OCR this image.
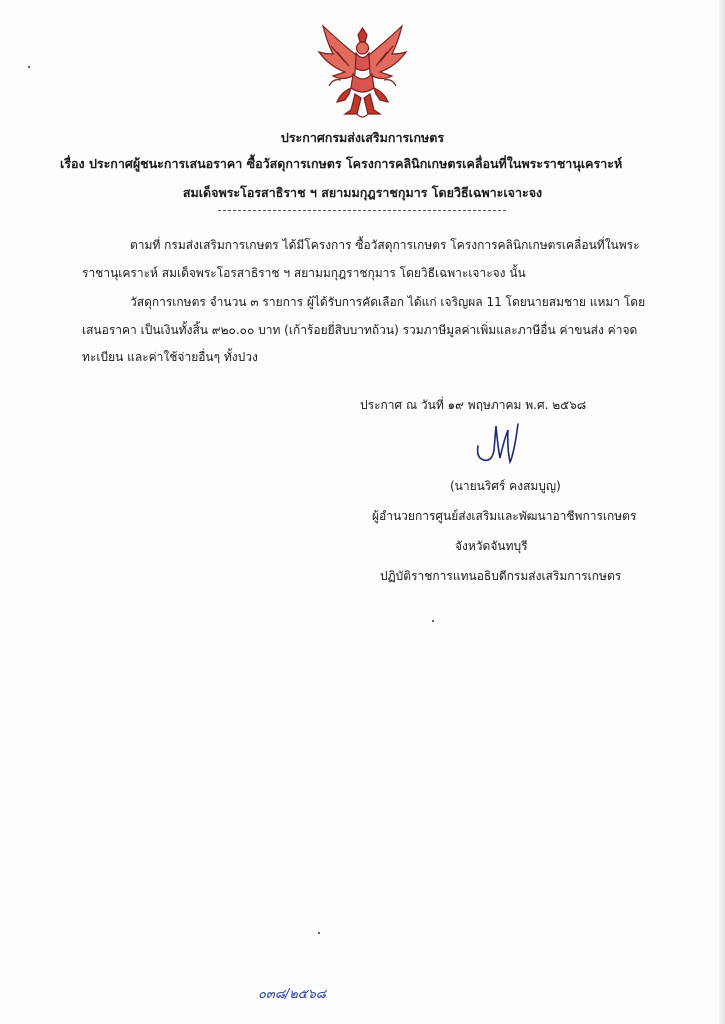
ประกาศกรมส่งเสริมการเกษตร
เรื่อง ประกาศผู้ชนะการเสนอราคา ซื้อวัสดุการเกษตร โครงการคลินิกเกษตรเคลื่อนที่ในพระราชานุเคราะห์
สมเด็จพระโอรสาธิราช ฯ สยามมกุฎราชกุมาร โดยวิธีเฉพาะเจาะจง
ตามที่ กรมส่งเสริมการเกษตร ได้มีโครงการ ซื้อวัสดุการเกษตร โครงการคลินิกเกษตรเคลื่อนที่ในพระ
ราชานุเคราะห์ สมเด็จพระโอรสาธิราช ฯ สยามมกุฎราชกุมาร โดยวิธีเฉพาะเจาะจง นั้น
วัสดุการเกษตร จำนวน ๓ รายการ ผู้ได้รับการคัดเลือก ได้แก่ เจริญผล 11 โดยนายสมชาย แหมา โดย
เสนอราคา เป็นเงินทั้งสิ้น ๙๒๐.๐๐ บาท (เก้าร้อยยี่สิบบาทถ้วน) รวมภาษีมูลค่าเพิ่มและภาษีอื่น ค่าขนส่ง ค่าจด
ทะเบียน และค่าใช้จ่ายอื่นๆ ทั้งปวง
ประกาศ ณ วันที่ ๑๙ พฤษภาคม พ.ศ. ๒๕๖๘
(นายนริศร์ คงสมบูญ)
ผู้อำนวยการศูนย์ส่งเสริมและพัฒนาอาชีพการเกษตร
จังหวัดจันทบุรี
ปฏิบัติราชการแทนอธิบดีกรมส่งเสริมการเกษตร
๐๓๘/๒๕๖๘
